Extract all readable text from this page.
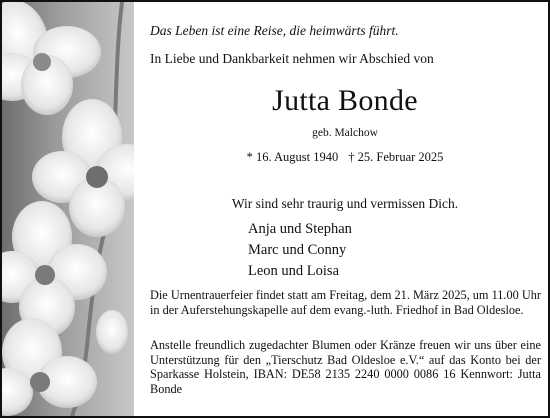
Das Leben ist eine Reise, die heimwärts führt.
In Liebe und Dankbarkeit nehmen wir Abschied von
Jutta Bonde
geb. Malchow
* 16. August 1940 † 25. Februar 2025
Wir sind sehr traurig und vermissen Dich.
Anja und Stephan
Marc und Conny
Leon und Loisa
Die Urnentrauerfeier findet statt am Freitag, dem 21. März 2025, um 11.00 Uhr in der Auferstehungskapelle auf dem evang.-luth. Friedhof in Bad Oldesloe.
Anstelle freundlich zugedachter Blumen oder Kränze freuen wir uns über eine Unterstützung für den „Tierschutz Bad Oldesloe e.V.“ auf das Konto bei der Sparkasse Holstein, IBAN: DE58 2135 2240 0000 0086 16 Kennwort: Jutta Bonde
